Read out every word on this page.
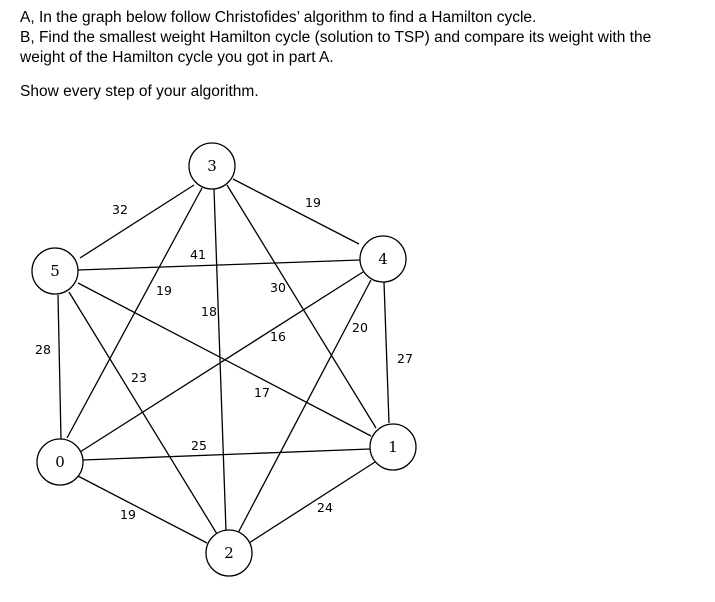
A, In the graph below follow Christofides’ algorithm to find a Hamilton cycle.

B, Find the smallest weight Hamilton cycle (solution to TSP) and compare its weight with the

weight of the Hamilton cycle you got in part A.

Show every step of your algorithm.

32	19
41
19
18
30
16
20
27
28
23
17
25
19	24
5
3
4
0
1
2
